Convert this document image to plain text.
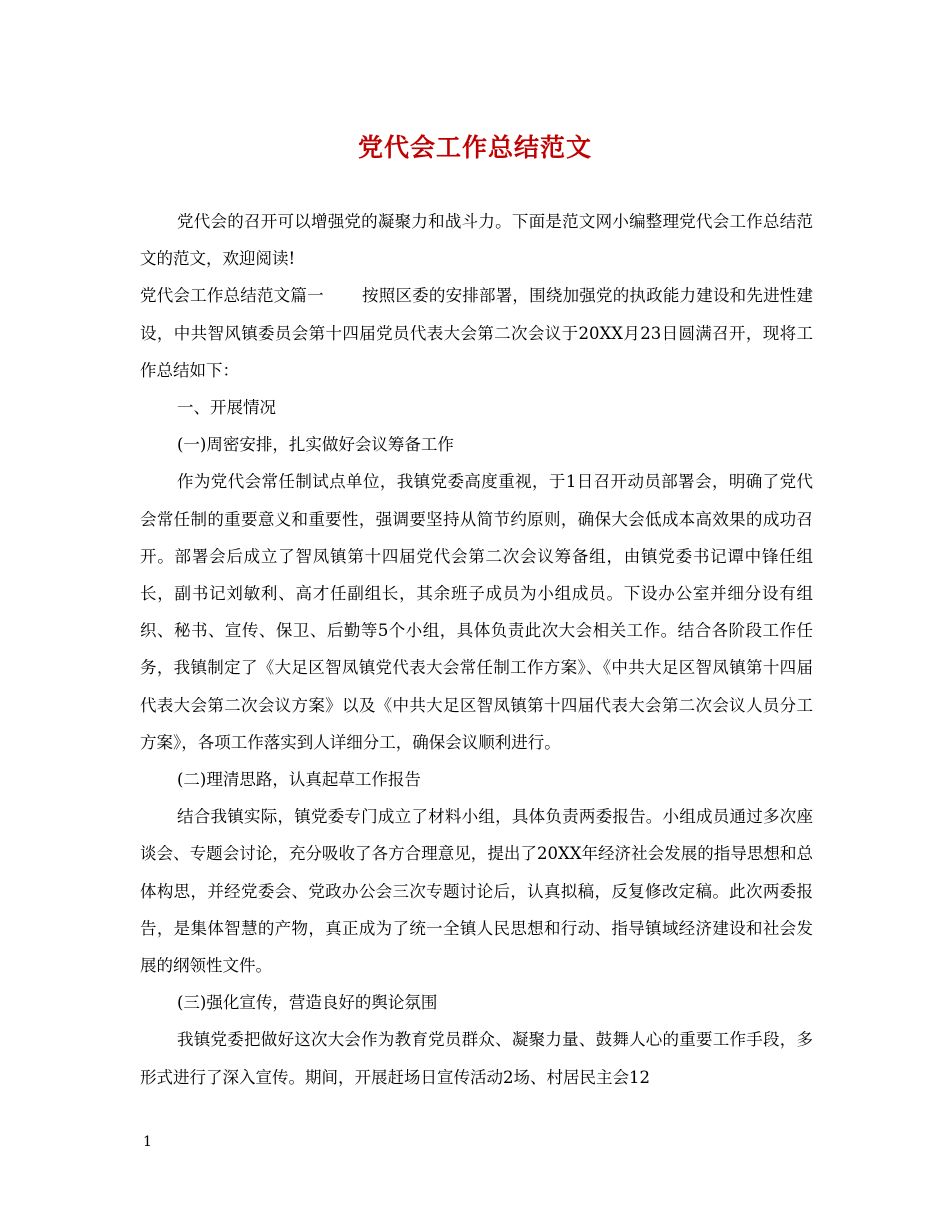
党代会工作总结范文

党代会的召开可以增强党的凝聚力和战斗力。下面是范文网小编整理党代会工作总结范文的范文，欢迎阅读!

党代会工作总结范文篇一 按照区委的安排部署，围绕加强党的执政能力建设和先进性建设，中共智风镇委员会第十四届党员代表大会第二次会议于20XX月23日圆满召开，现将工作总结如下：

一、开展情况

(一)周密安排，扎实做好会议筹备工作

作为党代会常任制试点单位，我镇党委高度重视，于1日召开动员部署会，明确了党代会常任制的重要意义和重要性，强调要坚持从简节约原则，确保大会低成本高效果的成功召开。部署会后成立了智凤镇第十四届党代会第二次会议筹备组，由镇党委书记谭中锋任组长，副书记刘敏利、高才任副组长，其余班子成员为小组成员。下设办公室并细分设有组织、秘书、宣传、保卫、后勤等5个小组，具体负责此次大会相关工作。结合各阶段工作任务，我镇制定了《大足区智凤镇党代表大会常任制工作方案》、《中共大足区智凤镇第十四届代表大会第二次会议方案》以及《中共大足区智凤镇第十四届代表大会第二次会议人员分工方案》，各项工作落实到人详细分工，确保会议顺利进行。

(二)理清思路，认真起草工作报告

结合我镇实际，镇党委专门成立了材料小组，具体负责两委报告。小组成员通过多次座谈会、专题会讨论，充分吸收了各方合理意见，提出了20XX年经济社会发展的指导思想和总体构思，并经党委会、党政办公会三次专题讨论后，认真拟稿，反复修改定稿。此次两委报告，是集体智慧的产物，真正成为了统一全镇人民思想和行动、指导镇域经济建设和社会发展的纲领性文件。

(三)强化宣传，营造良好的舆论氛围

我镇党委把做好这次大会作为教育党员群众、凝聚力量、鼓舞人心的重要工作手段，多形式进行了深入宣传。期间，开展赶场日宣传活动2场、村居民主会12

1
